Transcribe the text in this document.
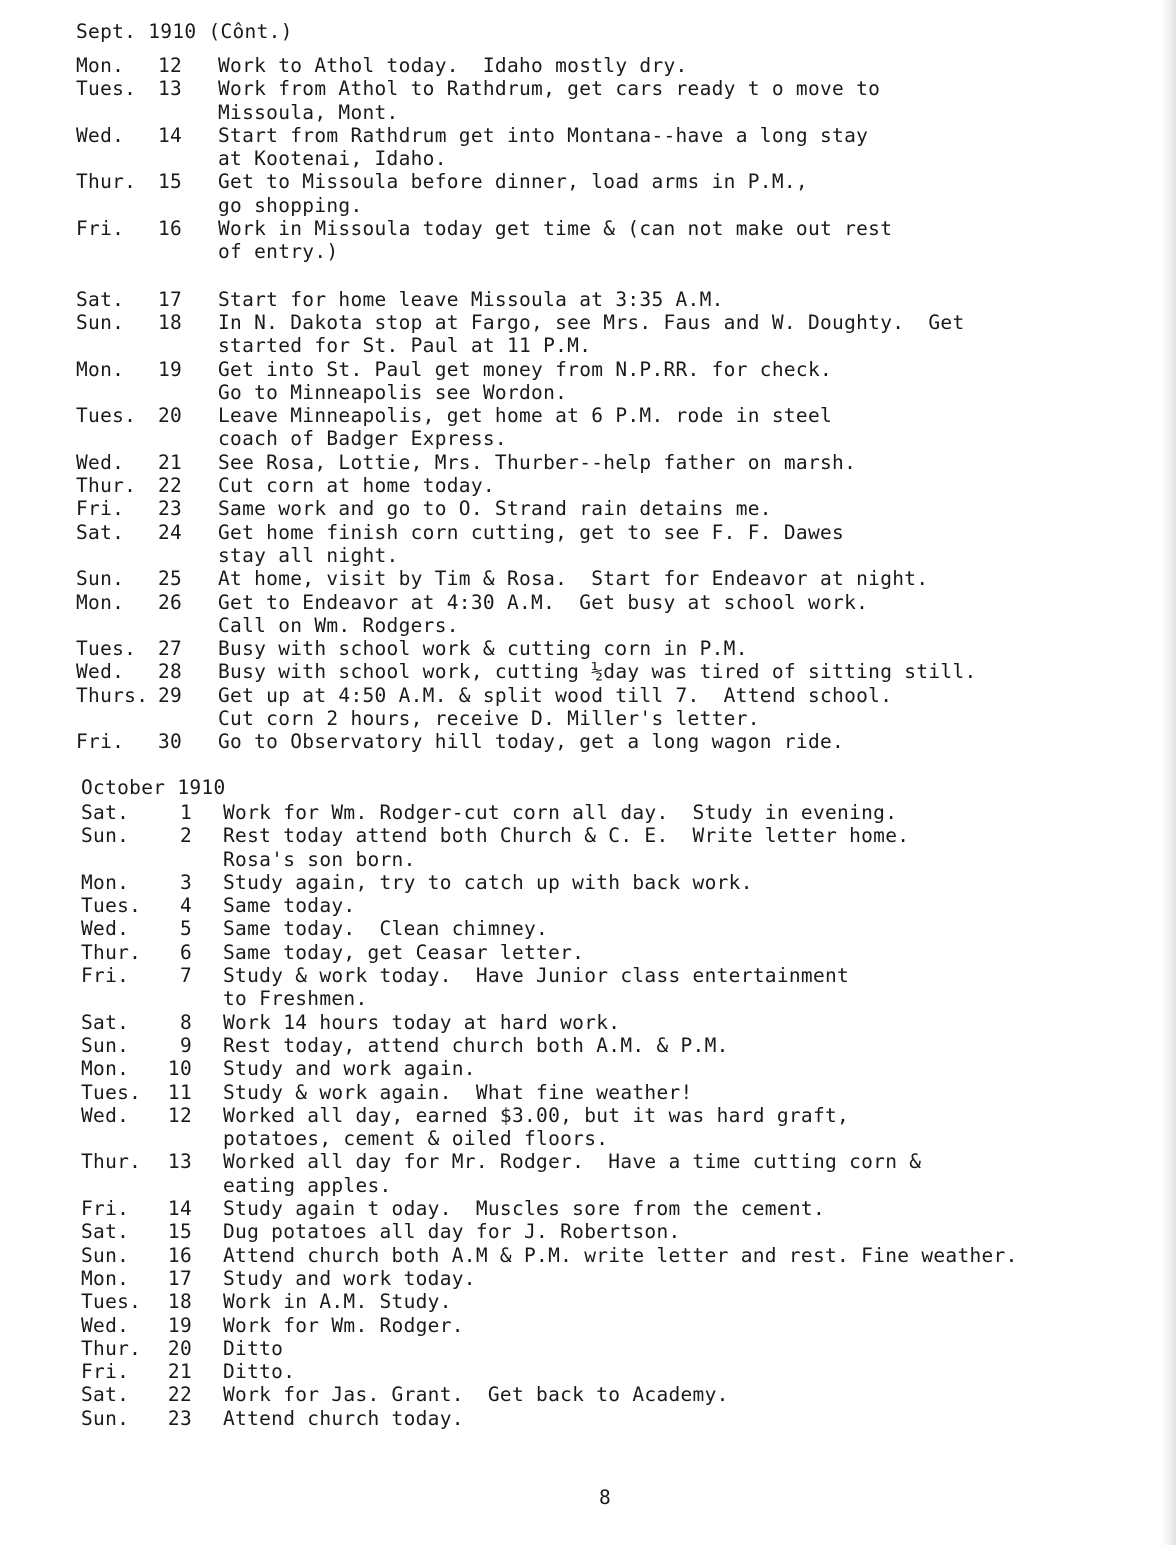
Sept. 1910 (Cônt.)
Mon.	12	Work to Athol today.  Idaho mostly dry.
Tues.	13	Work from Athol to Rathdrum, get cars ready t o move to
Missoula, Mont.
Wed.	14	Start from Rathdrum get into Montana--have a long stay
at Kootenai, Idaho.
Thur.	15	Get to Missoula before dinner, load arms in P.M.,
go shopping.
Fri.	16	Work in Missoula today get time & (can not make out rest
of entry.)
Sat.	17	Start for home leave Missoula at 3:35 A.M.
Sun.	18	In N. Dakota stop at Fargo, see Mrs. Faus and W. Doughty.  Get
started for St. Paul at 11 P.M.
Mon.	19	Get into St. Paul get money from N.P.RR. for check.
Go to Minneapolis see Wordon.
Tues.	20	Leave Minneapolis, get home at 6 P.M. rode in steel
coach of Badger Express.
Wed.	21	See Rosa, Lottie, Mrs. Thurber--help father on marsh.
Thur.	22	Cut corn at home today.
Fri.	23	Same work and go to O. Strand rain detains me.
Sat.	24	Get home finish corn cutting, get to see F. F. Dawes
stay all night.
Sun.	25	At home, visit by Tim & Rosa.  Start for Endeavor at night.
Mon.	26	Get to Endeavor at 4:30 A.M.  Get busy at school work.
Call on Wm. Rodgers.
Tues.	27	Busy with school work & cutting corn in P.M.
Wed.	28	Busy with school work, cutting ½day was tired of sitting still.
Thurs. 29	Get up at 4:50 A.M. & split wood till 7.  Attend school.
Cut corn 2 hours, receive D. Miller's letter.
Fri.	30	Go to Observatory hill today, get a long wagon ride.
October 1910
Sat.	1	Work for Wm. Rodger-cut corn all day.  Study in evening.
Sun.	2	Rest today attend both Church & C. E.  Write letter home.
Rosa's son born.
Mon.	3	Study again, try to catch up with back work.
Tues.	4	Same today.
Wed.	5	Same today.  Clean chimney.
Thur.	6	Same today, get Ceasar letter.
Fri.	7	Study & work today.  Have Junior class entertainment
to Freshmen.
Sat.	8	Work 14 hours today at hard work.
Sun.	9	Rest today, attend church both A.M. & P.M.
Mon.	10	Study and work again.
Tues.	11	Study & work again.  What fine weather!
Wed.	12	Worked all day, earned $3.00, but it was hard graft,
potatoes, cement & oiled floors.
Thur.	13	Worked all day for Mr. Rodger.  Have a time cutting corn &
eating apples.
Fri.	14	Study again t oday.  Muscles sore from the cement.
Sat.	15	Dug potatoes all day for J. Robertson.
Sun.	16	Attend church both A.M & P.M. write letter and rest. Fine weather.
Mon.	17	Study and work today.
Tues.	18	Work in A.M. Study.
Wed.	19	Work for Wm. Rodger.
Thur.	20	Ditto
Fri.	21	Ditto.
Sat.	22	Work for Jas. Grant.  Get back to Academy.
Sun.	23	Attend church today.
8
